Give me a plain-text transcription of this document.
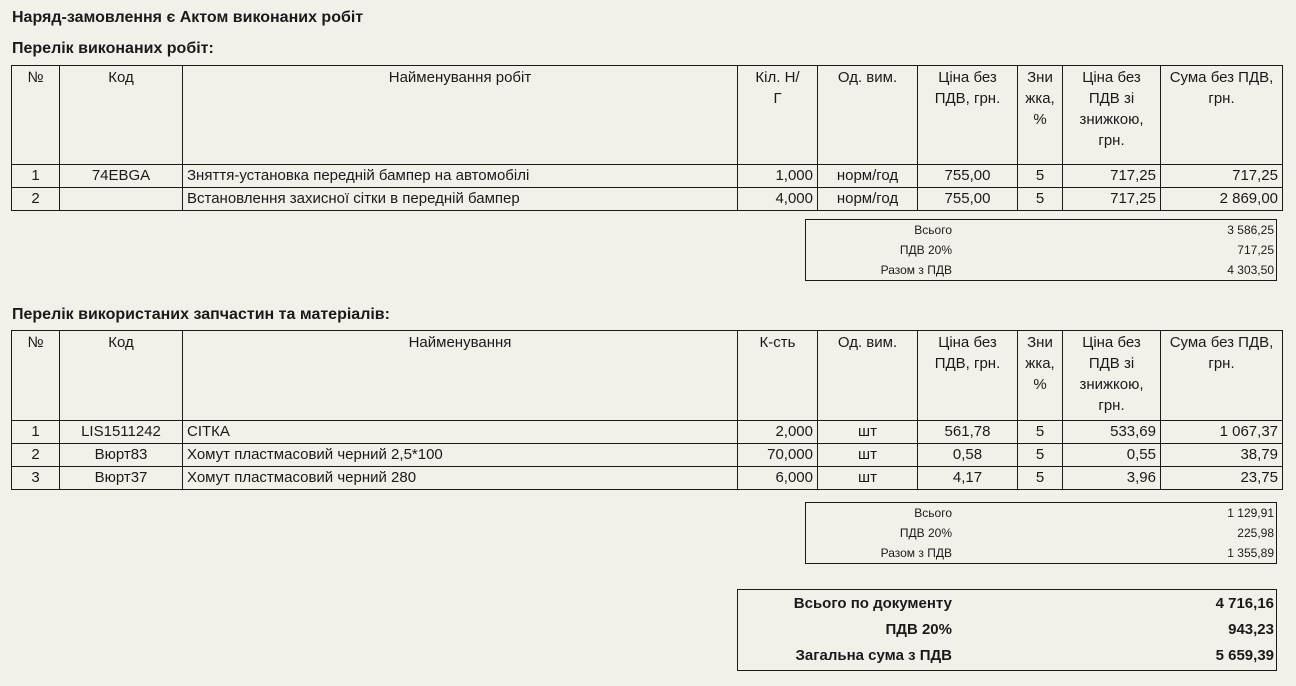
Наряд-замовлення є Актом виконаних робіт
Перелік виконаних робіт:
№	Код	Найменування робіт	Кіл. Н/Г	Од. вим.	Ціна без ПДВ, грн.	Зни жка, %	Ціна без ПДВ зі знижкою, грн.	Сума без ПДВ, грн.
1	74EBGA	Зняття-установка передній бампер на автомобілі	1,000	норм/год	755,00	5	717,25	717,25
2		Встановлення захисної сітки в передній бампер	4,000	норм/год	755,00	5	717,25	2 869,00
Всього	3 586,25
ПДВ 20%	717,25
Разом з ПДВ	4 303,50
Перелік використаних запчастин та матеріалів:
№	Код	Найменування	К-сть	Од. вим.	Ціна без ПДВ, грн.	Зни жка, %	Ціна без ПДВ зі знижкою, грн.	Сума без ПДВ, грн.
1	LIS1511242	СІТКА	2,000	шт	561,78	5	533,69	1 067,37
2	Вюрт83	Хомут пластмасовий черний 2,5*100	70,000	шт	0,58	5	0,55	38,79
3	Вюрт37	Хомут пластмасовий черний 280	6,000	шт	4,17	5	3,96	23,75
Всього	1 129,91
ПДВ 20%	225,98
Разом з ПДВ	1 355,89
Всього по документу	4 716,16
ПДВ 20%	943,23
Загальна сума з ПДВ	5 659,39
